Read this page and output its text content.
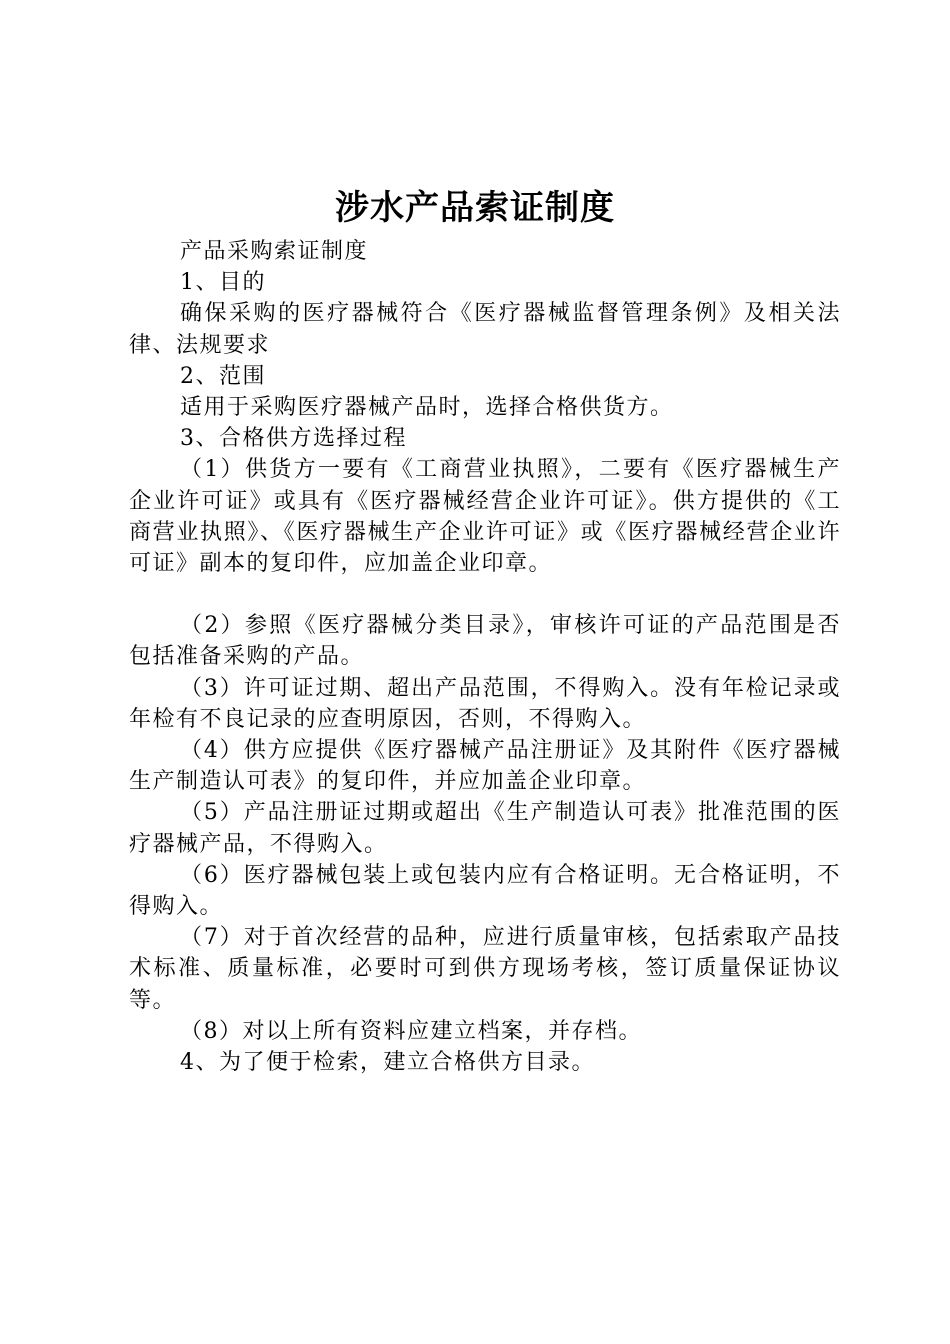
涉水产品索证制度

产品采购索证制度

1、目的

确保采购的医疗器械符合《医疗器械监督管理条例》及相关法律、法规要求

2、范围

适用于采购医疗器械产品时，选择合格供货方。

3、合格供方选择过程

（1）供货方一要有《工商营业执照》，二要有《医疗器械生产企业许可证》或具有《医疗器械经营企业许可证》。供方提供的《工商营业执照》、《医疗器械生产企业许可证》或《医疗器械经营企业许可证》副本的复印件，应加盖企业印章。

（2）参照《医疗器械分类目录》，审核许可证的产品范围是否包括准备采购的产品。

（3）许可证过期、超出产品范围，不得购入。没有年检记录或年检有不良记录的应查明原因，否则，不得购入。

（4）供方应提供《医疗器械产品注册证》及其附件《医疗器械生产制造认可表》的复印件，并应加盖企业印章。

（5）产品注册证过期或超出《生产制造认可表》批准范围的医疗器械产品，不得购入。

（6）医疗器械包装上或包装内应有合格证明。无合格证明，不得购入。

（7）对于首次经营的品种，应进行质量审核，包括索取产品技术标准、质量标准，必要时可到供方现场考核，签订质量保证协议等。

（8）对以上所有资料应建立档案，并存档。

4、为了便于检索，建立合格供方目录。
